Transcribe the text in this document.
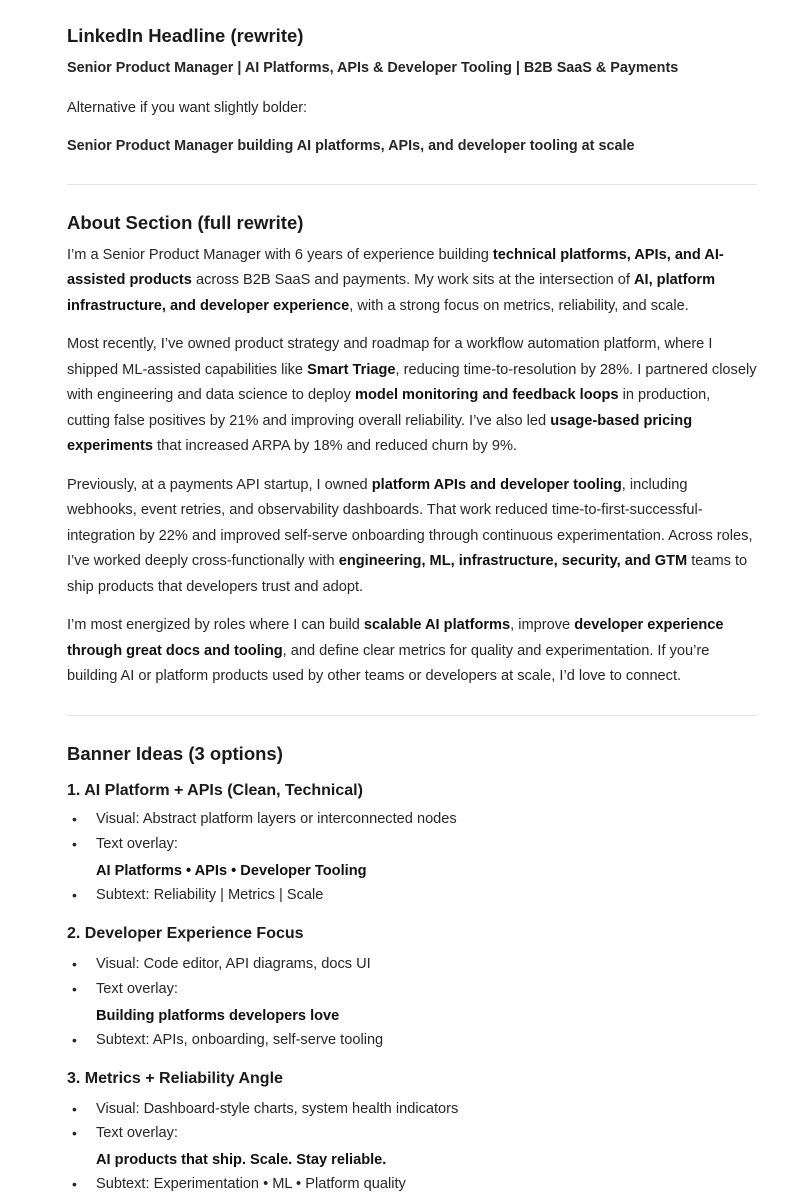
LinkedIn Headline (rewrite)

Senior Product Manager | AI Platforms, APIs & Developer Tooling | B2B SaaS & Payments

Alternative if you want slightly bolder:

Senior Product Manager building AI platforms, APIs, and developer tooling at scale

About Section (full rewrite)

I’m a Senior Product Manager with 6 years of experience building technical platforms, APIs, and AI-assisted products across B2B SaaS and payments. My work sits at the intersection of AI, platform infrastructure, and developer experience, with a strong focus on metrics, reliability, and scale.

Most recently, I’ve owned product strategy and roadmap for a workflow automation platform, where I shipped ML-assisted capabilities like Smart Triage, reducing time-to-resolution by 28%. I partnered closely with engineering and data science to deploy model monitoring and feedback loops in production, cutting false positives by 21% and improving overall reliability. I’ve also led usage-based pricing experiments that increased ARPA by 18% and reduced churn by 9%.

Previously, at a payments API startup, I owned platform APIs and developer tooling, including webhooks, event retries, and observability dashboards. That work reduced time-to-first-successful-integration by 22% and improved self-serve onboarding through continuous experimentation. Across roles, I’ve worked deeply cross-functionally with engineering, ML, infrastructure, security, and GTM teams to ship products that developers trust and adopt.

I’m most energized by roles where I can build scalable AI platforms, improve developer experience through great docs and tooling, and define clear metrics for quality and experimentation. If you’re building AI or platform products used by other teams or developers at scale, I’d love to connect.

Banner Ideas (3 options)
1. AI Platform + APIs (Clean, Technical)
• Visual: Abstract platform layers or interconnected nodes
• Text overlay:
AI Platforms • APIs • Developer Tooling
• Subtext: Reliability | Metrics | Scale
2. Developer Experience Focus
• Visual: Code editor, API diagrams, docs UI
• Text overlay:
Building platforms developers love
• Subtext: APIs, onboarding, self-serve tooling
3. Metrics + Reliability Angle
• Visual: Dashboard-style charts, system health indicators
• Text overlay:
AI products that ship. Scale. Stay reliable.
• Subtext: Experimentation • ML • Platform quality
